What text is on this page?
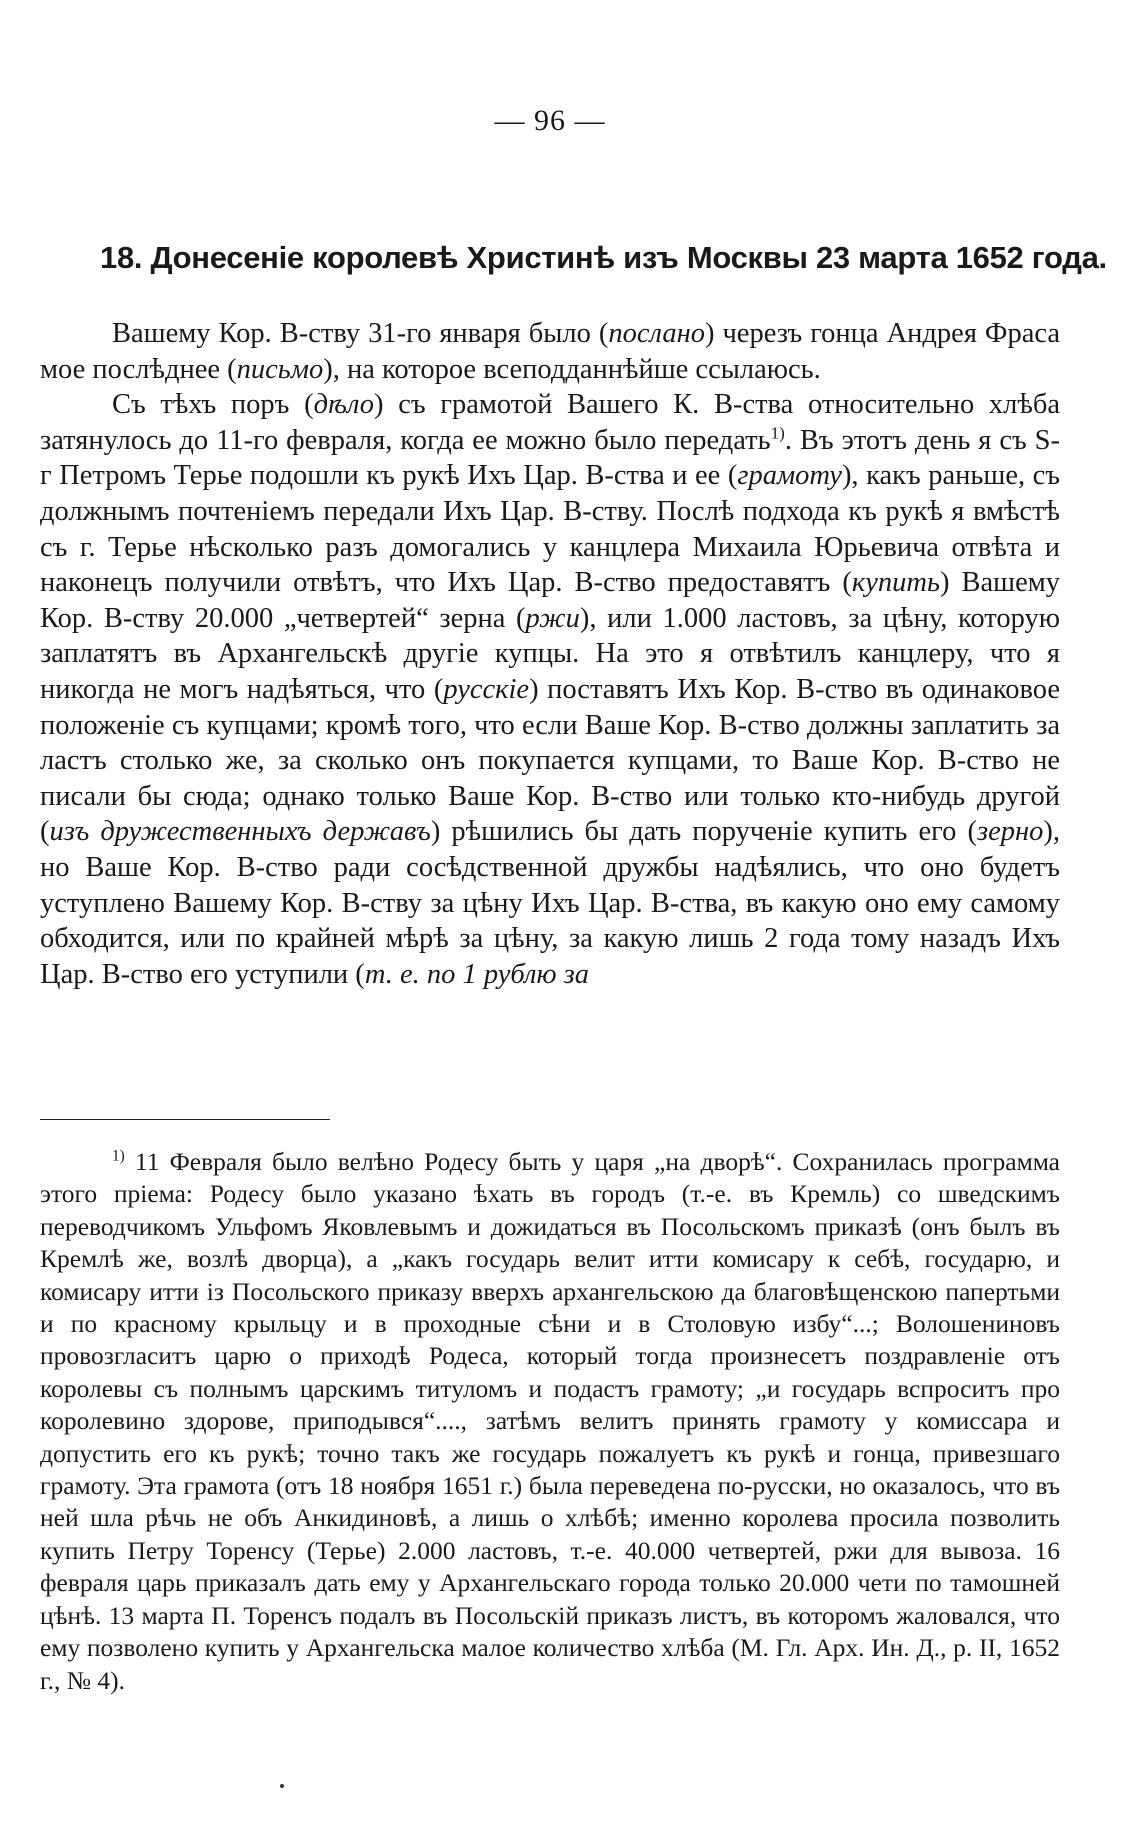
— 96 —
18. Донесеніе королевѣ Христинѣ изъ Москвы 23 марта 1652 года.

Вашему Кор. В-ству 31-го января было (послано) черезъ гонца Андрея Фраса мое послѣднее (письмо), на которое всеподданнѣйше ссылаюсь.

Съ тѣхъ поръ (дѣло) съ грамотой Вашего К. В-ства относительно хлѣба затянулось до 11-го февраля, когда ее можно было передать$^{1)}$. Въ этотъ день я съ S-г Петромъ Терье подошли къ рукѣ Ихъ Цар. В-ства и ее (грамоту), какъ раньше, съ должнымъ почтеніемъ передали Ихъ Цар. В-ству. Послѣ подхода къ рукѣ я вмѣстѣ съ г. Терье нѣсколько разъ домогались у канцлера Михаила Юрьевича отвѣта и наконецъ получили отвѣтъ, что Ихъ Цар. В-ство предоставятъ (купить) Вашему Кор. В-ству 20.000 „четвертей“ зерна (ржи), или 1.000 ластовъ, за цѣну, которую заплатятъ въ Архангельскѣ другіе купцы. На это я отвѣтилъ канцлеру, что я никогда не могъ надѣяться, что (русскіе) поставятъ Ихъ Кор. В-ство въ одинаковое положеніе съ купцами; кромѣ того, что если Ваше Кор. В-ство должны заплатить за ластъ столько же, за сколько онъ покупается купцами, то Ваше Кор. В-ство не писали бы сюда; однако только Ваше Кор. В-ство или только кто-нибудь другой (изъ дружественныхъ державъ) рѣшились бы дать порученіе купить его (зерно), но Ваше Кор. В-ство ради сосѣдственной дружбы надѣялись, что оно будетъ уступлено Вашему Кор. В-ству за цѣну Ихъ Цар. В-ства, въ какую оно ему самому обходится, или по крайней мѣрѣ за цѣну, за какую лишь 2 года тому назадъ Ихъ Цар. В-ство его уступили (т. е. по 1 рублю за

$^{1)}$ 11 Февраля было велѣно Родесу быть у царя „на дворѣ“. Сохранилась программа этого пріема: Родесу было указано ѣхать въ городъ (т.-е. въ Кремль) со шведскимъ переводчикомъ Ульфомъ Яковлевымъ и дожидаться въ Посольскомъ приказѣ (онъ былъ въ Кремлѣ же, возлѣ дворца), а „какъ государь велит итти комисару к себѣ, государю, и комисару итти із Посольского приказу вверхъ архангельскою да благовѣщенскою папертьми и по красному крыльцу и в проходные сѣни и в Столовую избу“...; Волошениновъ провозгласитъ царю о приходѣ Родеса, который тогда произнесетъ поздравленіе отъ королевы съ полнымъ царскимъ титуломъ и подастъ грамоту; „и государь вспроситъ про королевино здорове, приподывся“...., затѣмъ велитъ принять грамоту у комиссара и допустить его къ рукѣ; точно такъ же государь пожалуетъ къ рукѣ и гонца, привезшаго грамоту. Эта грамота (отъ 18 ноября 1651 г.) была переведена по-русски, но оказалось, что въ ней шла рѣчь не объ Анкидиновѣ, а лишь о хлѣбѣ; именно королева просила позволить купить Петру Торенсу (Терье) 2.000 ластовъ, т.-е. 40.000 четвертей, ржи для вывоза. 16 февраля царь приказалъ дать ему у Архангельскаго города только 20.000 чети по тамошней цѣнѣ. 13 марта П. Торенсъ подалъ въ Посольскій приказъ листъ, въ которомъ жаловался, что ему позволено купить у Архангельска малое количество хлѣба (М. Гл. Арх. Ин. Д., р. II, 1652 г., № 4).
